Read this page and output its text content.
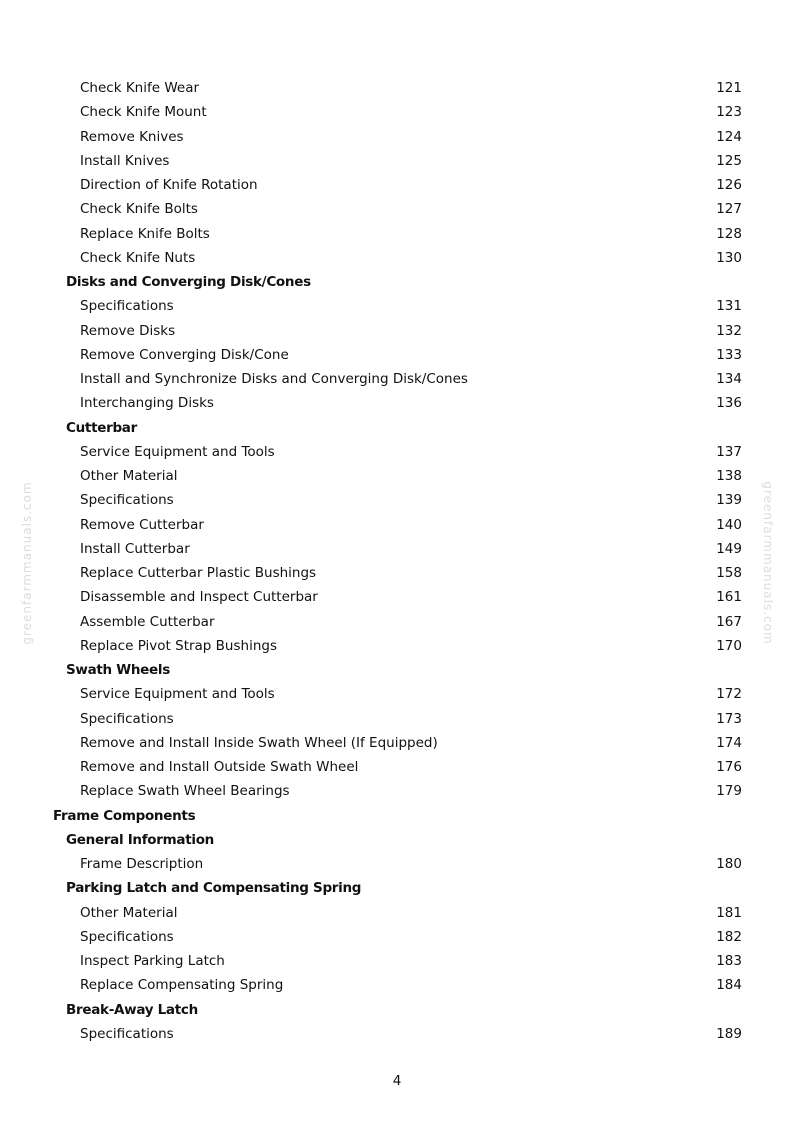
Check Knife Wear	121
Check Knife Mount	123
Remove Knives	124
Install Knives	125
Direction of Knife Rotation	126
Check Knife Bolts	127
Replace Knife Bolts	128
Check Knife Nuts	130
Disks and Converging Disk/Cones
Specifications	131
Remove Disks	132
Remove Converging Disk/Cone	133
Install and Synchronize Disks and Converging Disk/Cones	134
Interchanging Disks	136
Cutterbar
Service Equipment and Tools	137
Other Material	138
Specifications	139
Remove Cutterbar	140
Install Cutterbar	149
Replace Cutterbar Plastic Bushings	158
Disassemble and Inspect Cutterbar	161
Assemble Cutterbar	167
Replace Pivot Strap Bushings	170
Swath Wheels
Service Equipment and Tools	172
Specifications	173
Remove and Install Inside Swath Wheel (If Equipped)	174
Remove and Install Outside Swath Wheel	176
Replace Swath Wheel Bearings	179
Frame Components
General Information
Frame Description	180
Parking Latch and Compensating Spring
Other Material	181
Specifications	182
Inspect Parking Latch	183
Replace Compensating Spring	184
Break-Away Latch
Specifications	189
4
greenfarmmanuals.com	greenfarmmanuals.com
